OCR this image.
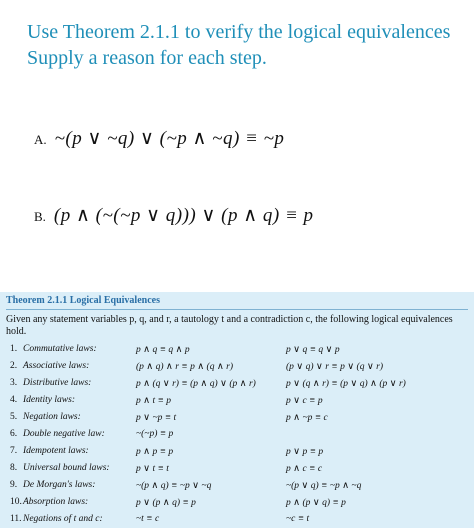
Use Theorem 2.1.1 to verify the logical equivalences
Supply a reason for each step.
A. ~(p ∨ ~q) ∨ (~p ∧ ~q) ≡ ~p
B. (p ∧ (~(~p ∨ q))) ∨ (p ∧ q) ≡ p
Theorem 2.1.1 Logical Equivalences
Given any statement variables p, q, and r, a tautology t and a contradiction c, the following logical equivalences hold.
1. Commutative laws:	p ∧ q ≡ q ∧ p	p ∨ q ≡ q ∨ p
2. Associative laws:	(p ∧ q) ∧ r ≡ p ∧ (q ∧ r)	(p ∨ q) ∨ r ≡ p ∨ (q ∨ r)
3. Distributive laws:	p ∧ (q ∨ r) ≡ (p ∧ q) ∨ (p ∧ r)	p ∨ (q ∧ r) ≡ (p ∨ q) ∧ (p ∨ r)
4. Identity laws:	p ∧ t ≡ p	p ∨ c ≡ p
5. Negation laws:	p ∨ ~p ≡ t	p ∧ ~p ≡ c
6. Double negative law:	~(~p) ≡ p
7. Idempotent laws:	p ∧ p ≡ p	p ∨ p ≡ p
8. Universal bound laws:	p ∨ t ≡ t	p ∧ c ≡ c
9. De Morgan's laws:	~(p ∧ q) ≡ ~p ∨ ~q	~(p ∨ q) ≡ ~p ∧ ~q
10. Absorption laws:	p ∨ (p ∧ q) ≡ p	p ∧ (p ∨ q) ≡ p
11. Negations of t and c:	~t ≡ c	~c ≡ t
